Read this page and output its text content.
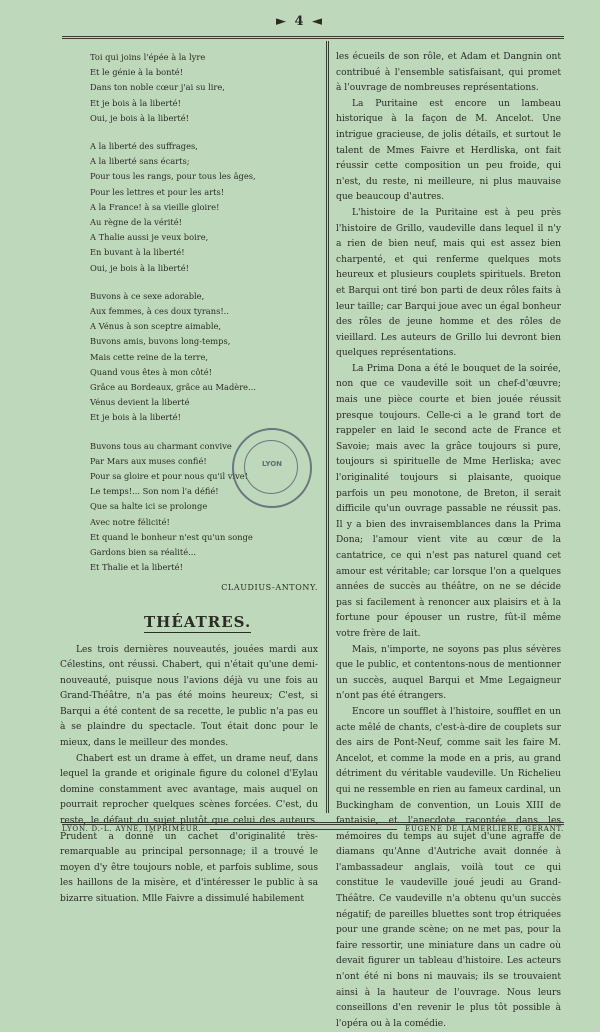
► 4 ◄
Toi qui joins l'épée à la lyre
Et le génie à la bonté!
Dans ton noble cœur j'ai su lire,
Et je bois à la liberté!
Oui, je bois à la liberté!
A la liberté des suffrages,
A la liberté sans écarts;
Pour tous les rangs, pour tous les âges,
Pour les lettres et pour les arts!
A la France! à sa vieille gloire!
Au règne de la vérité!
A Thalie aussi je veux boire,
En buvant à la liberté!
Oui, je bois à la liberté!
Buvons à ce sexe adorable,
Aux femmes, à ces doux tyrans!..
A Vénus à son sceptre aimable,
Buvons amis, buvons long-temps,
Mais cette reine de la terre,
Quand vous êtes à mon côté!
Grâce au Bordeaux, grâce au Madère...
Vénus devient la liberté
Et je bois à la liberté!
Buvons tous au charmant convive
Par Mars aux muses confié!
Pour sa gloire et pour nous qu'il vive!
Le temps!... Son nom l'a défié!
Que sa halte ici se prolonge
Avec notre félicité!
Et quand le bonheur n'est qu'un songe
Gardons bien sa réalité...
Et Thalie et la liberté!
CLAUDIUS-ANTONY.
THÉATRES.

Les trois dernières nouveautés, jouées mardi aux Célestins, ont réussi. Chabert, qui n'était qu'une demi-nouveauté, puisque nous l'avions déjà vu une fois au Grand-Théâtre, n'a pas été moins heureux; C'est, si Barqui a été content de sa recette, le public n'a pas eu à se plaindre du spectacle. Tout était donc pour le mieux, dans le meilleur des mondes.

Chabert est un drame à effet, un drame neuf, dans lequel la grande et originale figure du colonel d'Eylau domine constamment avec avantage, mais auquel on pourrait reprocher quelques scènes forcées. C'est, du reste, le défaut du sujet plutôt que celui des auteurs. Prudent a donné un cachet d'originalité très-remarquable au principal personnage; il a trouvé le moyen d'y être toujours noble, et parfois sublime, sous les haillons de la misère, et d'intéresser le public à sa bizarre situation. Mlle Faivre a dissimulé habilement

les écueils de son rôle, et Adam et Dangnin ont contribué à l'ensemble satisfaisant, qui promet à l'ouvrage de nombreuses représentations.

La Puritaine est encore un lambeau historique à la façon de M. Ancelot. Une intrigue gracieuse, de jolis détails, et surtout le talent de Mmes Faivre et Herdliska, ont fait réussir cette composition un peu froide, qui n'est, du reste, ni meilleure, ni plus mauvaise que beaucoup d'autres.

L'histoire de la Puritaine est à peu près l'histoire de Grillo, vaudeville dans lequel il n'y a rien de bien neuf, mais qui est assez bien charpenté, et qui renferme quelques mots heureux et plusieurs couplets spirituels. Breton et Barqui ont tiré bon parti de deux rôles faits à leur taille; car Barqui joue avec un égal bonheur des rôles de jeune homme et des rôles de vieillard. Les auteurs de Grillo lui devront bien quelques représentations.

La Prima Dona a été le bouquet de la soirée, non que ce vaudeville soit un chef-d'œuvre; mais une pièce courte et bien jouée réussit presque toujours. Celle-ci a le grand tort de rappeler en laid le second acte de France et Savoie; mais avec la grâce toujours si pure, toujours si spirituelle de Mme Herliska; avec l'originalité toujours si plaisante, quoique parfois un peu monotone, de Breton, il serait difficile qu'un ouvrage passable ne réussit pas. Il y a bien des invraisemblances dans la Prima Dona; l'amour vient vite au cœur de la cantatrice, ce qui n'est pas naturel quand cet amour est véritable; car lorsque l'on a quelques années de succès au théâtre, on ne se décide pas si facilement à renoncer aux plaisirs et à la fortune pour épouser un rustre, fût-il même votre frère de lait.

Mais, n'importe, ne soyons pas plus sévères que le public, et contentons-nous de mentionner un succès, auquel Barqui et Mme Legaigneur n'ont pas été étrangers.

Encore un soufflet à l'histoire, soufflet en un acte mêlé de chants, c'est-à-dire de couplets sur des airs de Pont-Neuf, comme sait les faire M. Ancelot, et comme la mode en a pris, au grand détriment du véritable vaudeville. Un Richelieu qui ne ressemble en rien au fameux cardinal, un Buckingham de convention, un Louis XIII de fantaisie, et l'anecdote racontée dans les mémoires du temps au sujet d'une agraffe de diamans qu'Anne d'Autriche avait donnée à l'ambassadeur anglais, voilà tout ce qui constitue le vaudeville joué jeudi au Grand-Théâtre. Ce vaudeville n'a obtenu qu'un succès négatif; de pareilles bluettes sont trop étriquées pour une grande scène; on ne met pas, pour la faire ressortir, une miniature dans un cadre où devait figurer un tableau d'histoire. Les acteurs n'ont été ni bons ni mauvais; ils se trouvaient ainsi à la hauteur de l'ouvrage. Nous leurs conseillons d'en revenir le plus tôt possible à l'opéra ou à la comédie.

LYON
LYON. D.-L. AYNÉ, IMPRIMEUR.	EUGÈNE DE LAMERLIÈRE, GÉRANT.
